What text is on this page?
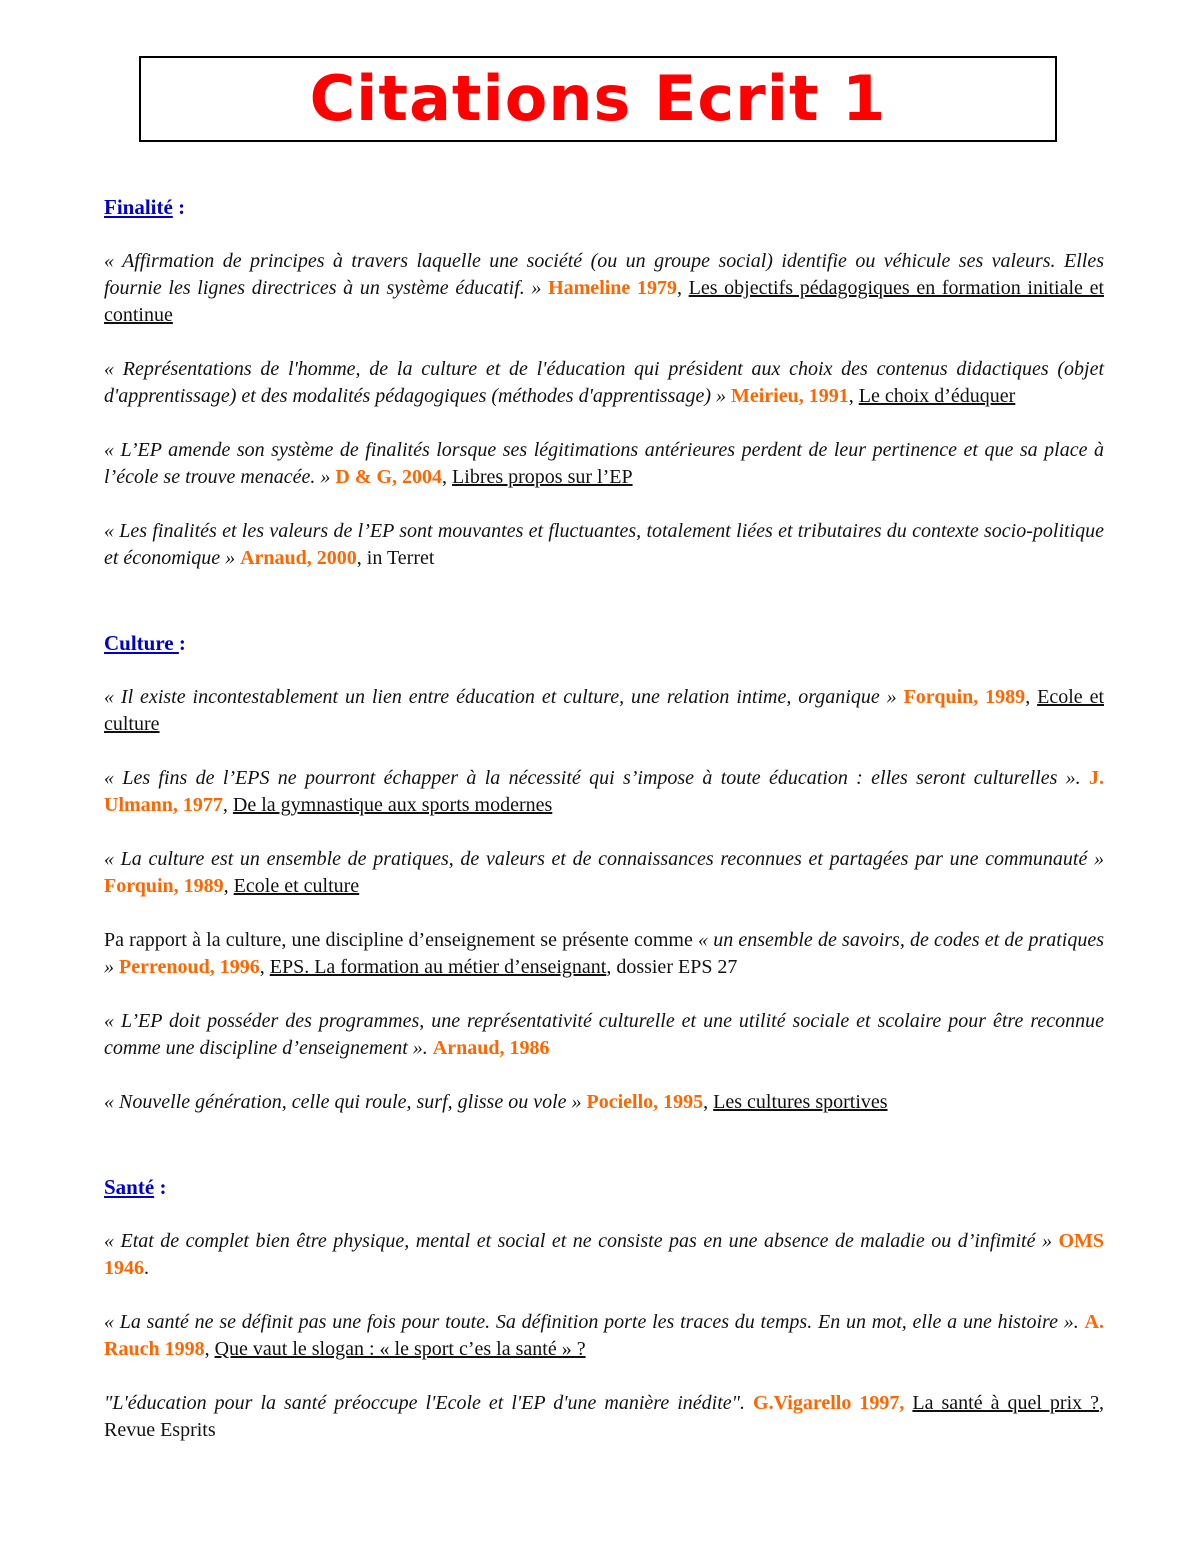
Citations Ecrit 1
Finalité :

« Affirmation de principes à travers laquelle une société (ou un groupe social) identifie ou véhicule ses valeurs. Elles fournie les lignes directrices à un système éducatif. » Hameline 1979, Les objectifs pédagogiques en formation initiale et continue

« Représentations de l'homme, de la culture et de l'éducation qui président aux choix des contenus didactiques (objet d'apprentissage) et des modalités pédagogiques (méthodes d'apprentissage) » Meirieu, 1991, Le choix d’éduquer

« L’EP amende son système de finalités lorsque ses légitimations antérieures perdent de leur pertinence et que sa place à l’école se trouve menacée. » D & G, 2004, Libres propos sur l’EP

« Les finalités et les valeurs de l’EP sont mouvantes et fluctuantes, totalement liées et tributaires du contexte socio-politique et économique » Arnaud, 2000, in Terret

Culture :

« Il existe incontestablement un lien entre éducation et culture, une relation intime, organique » Forquin, 1989, Ecole et culture

« Les fins de l’EPS ne pourront échapper à la nécessité qui s’impose à toute éducation : elles seront culturelles ». J. Ulmann, 1977, De la gymnastique aux sports modernes

« La culture est un ensemble de pratiques, de valeurs et de connaissances reconnues et partagées par une communauté » Forquin, 1989, Ecole et culture

Pa rapport à la culture, une discipline d’enseignement se présente comme « un ensemble de savoirs, de codes et de pratiques » Perrenoud, 1996, EPS. La formation au métier d’enseignant, dossier EPS 27

« L’EP doit posséder des programmes, une représentativité culturelle et une utilité sociale et scolaire pour être reconnue comme une discipline d’enseignement ». Arnaud, 1986

« Nouvelle génération, celle qui roule, surf, glisse ou vole » Pociello, 1995, Les cultures sportives

Santé :

« Etat de complet bien être physique, mental et social et ne consiste pas en une absence de maladie ou d’infimité » OMS 1946.

« La santé ne se définit pas une fois pour toute. Sa définition porte les traces du temps. En un mot, elle a une histoire ». A. Rauch 1998, Que vaut le slogan : « le sport c’es la santé » ?

"L'éducation pour la santé préoccupe l'Ecole et l'EP d'une manière inédite". G.Vigarello 1997, La santé à quel prix ?, Revue Esprits
